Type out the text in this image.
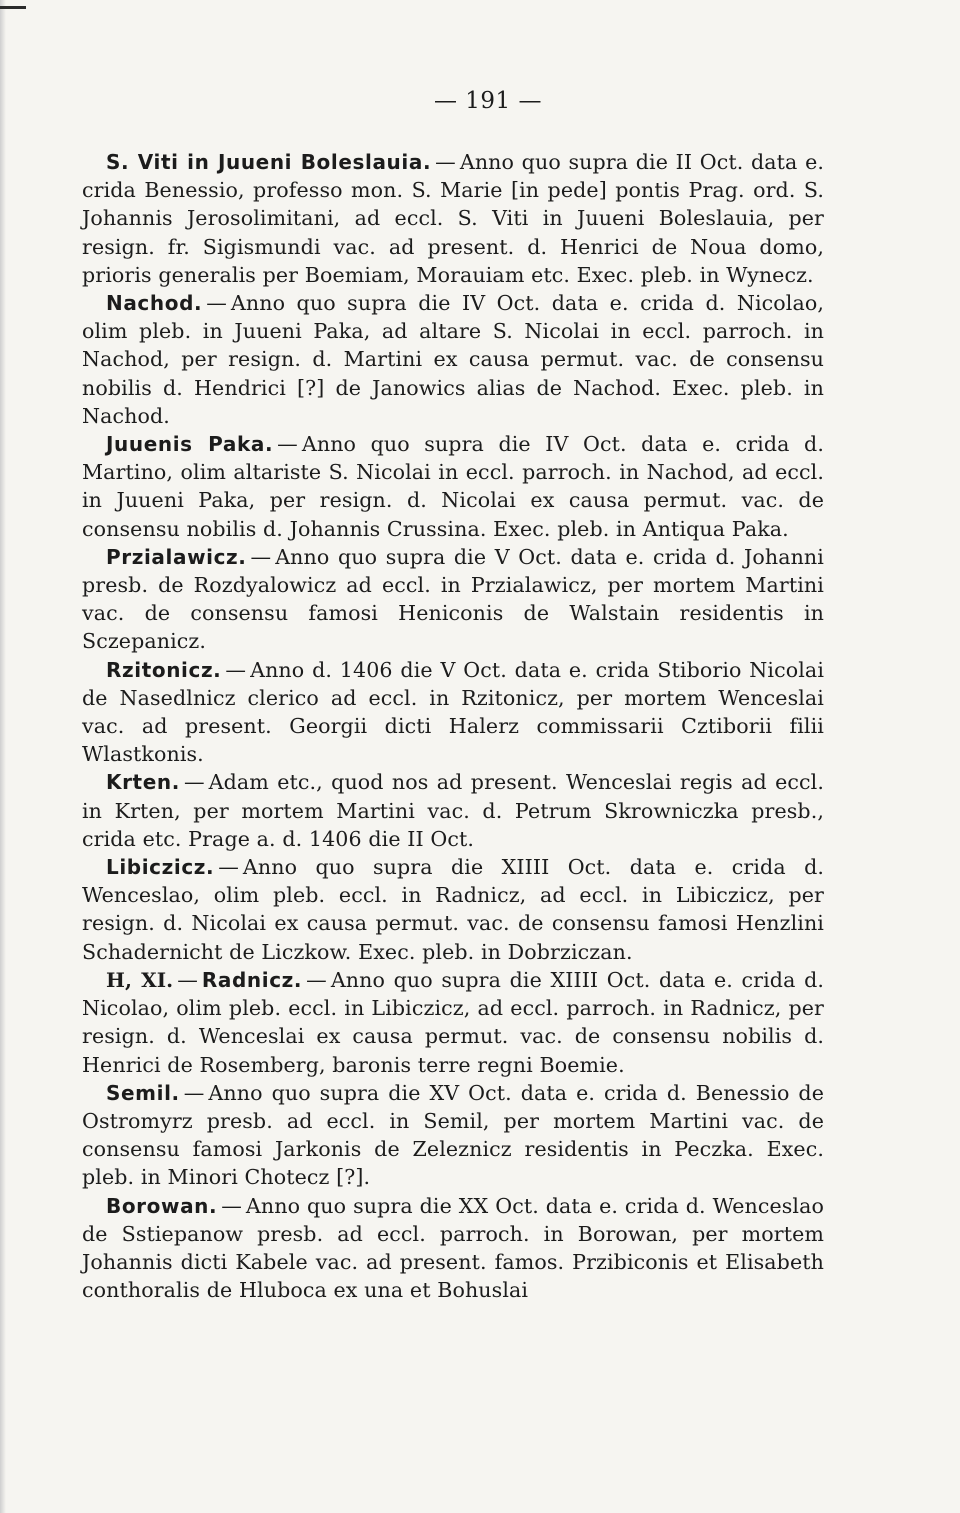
— 191 —

S. Viti in Juueni Boleslauia. — Anno quo supra die II Oct. data e. crida Benessio, professo mon. S. Marie [in pede] pontis Prag. ord. S. Johannis Jerosolimitani, ad eccl. S. Viti in Juueni Boleslauia, per resign. fr. Sigismundi vac. ad present. d. Henrici de Noua domo, prioris generalis per Boemiam, Morauiam etc. Exec. pleb. in Wynecz.

Nachod. — Anno quo supra die IV Oct. data e. crida d. Nicolao, olim pleb. in Juueni Paka, ad altare S. Nicolai in eccl. parroch. in Nachod, per resign. d. Martini ex causa permut. vac. de consensu nobilis d. Hendrici [?] de Janowics alias de Nachod. Exec. pleb. in Nachod.

Juuenis Paka. — Anno quo supra die IV Oct. data e. crida d. Martino, olim altariste S. Nicolai in eccl. parroch. in Nachod, ad eccl. in Juueni Paka, per resign. d. Nicolai ex causa permut. vac. de consensu nobilis d. Johannis Crussina. Exec. pleb. in Antiqua Paka.

Przialawicz. — Anno quo supra die V Oct. data e. crida d. Johanni presb. de Rozdyalowicz ad eccl. in Przialawicz, per mortem Martini vac. de consensu famosi Heniconis de Walstain residentis in Sczepanicz.

Rzitonicz. — Anno d. 1406 die V Oct. data e. crida Stiborio Nicolai de Nasedlnicz clerico ad eccl. in Rzitonicz, per mortem Wenceslai vac. ad present. Georgii dicti Halerz commissarii Cztiborii filii Wlastkonis.

Krten. — Adam etc., quod nos ad present. Wenceslai regis ad eccl. in Krten, per mortem Martini vac. d. Petrum Skrowniczka presb., crida etc. Prage a. d. 1406 die II Oct.

Libiczicz. — Anno quo supra die XIIII Oct. data e. crida d. Wenceslao, olim pleb. eccl. in Radnicz, ad eccl. in Libiczicz, per resign. d. Nicolai ex causa permut. vac. de consensu famosi Henzlini Schadernicht de Liczkow. Exec. pleb. in Dobrziczan.

H, XI. — Radnicz. — Anno quo supra die XIIII Oct. data e. crida d. Nicolao, olim pleb. eccl. in Libiczicz, ad eccl. parroch. in Radnicz, per resign. d. Wenceslai ex causa permut. vac. de consensu nobilis d. Henrici de Rosemberg, baronis terre regni Boemie.

Semil. — Anno quo supra die XV Oct. data e. crida d. Benessio de Ostromyrz presb. ad eccl. in Semil, per mortem Martini vac. de consensu famosi Jarkonis de Zeleznicz residentis in Peczka. Exec. pleb. in Minori Chotecz [?].

Borowan. — Anno quo supra die XX Oct. data e. crida d. Wenceslao de Sstiepanow presb. ad eccl. parroch. in Borowan, per mortem Johannis dicti Kabele vac. ad present. famos. Przibiconis et Elisabeth conthoralis de Hluboca ex una et Bohuslai
